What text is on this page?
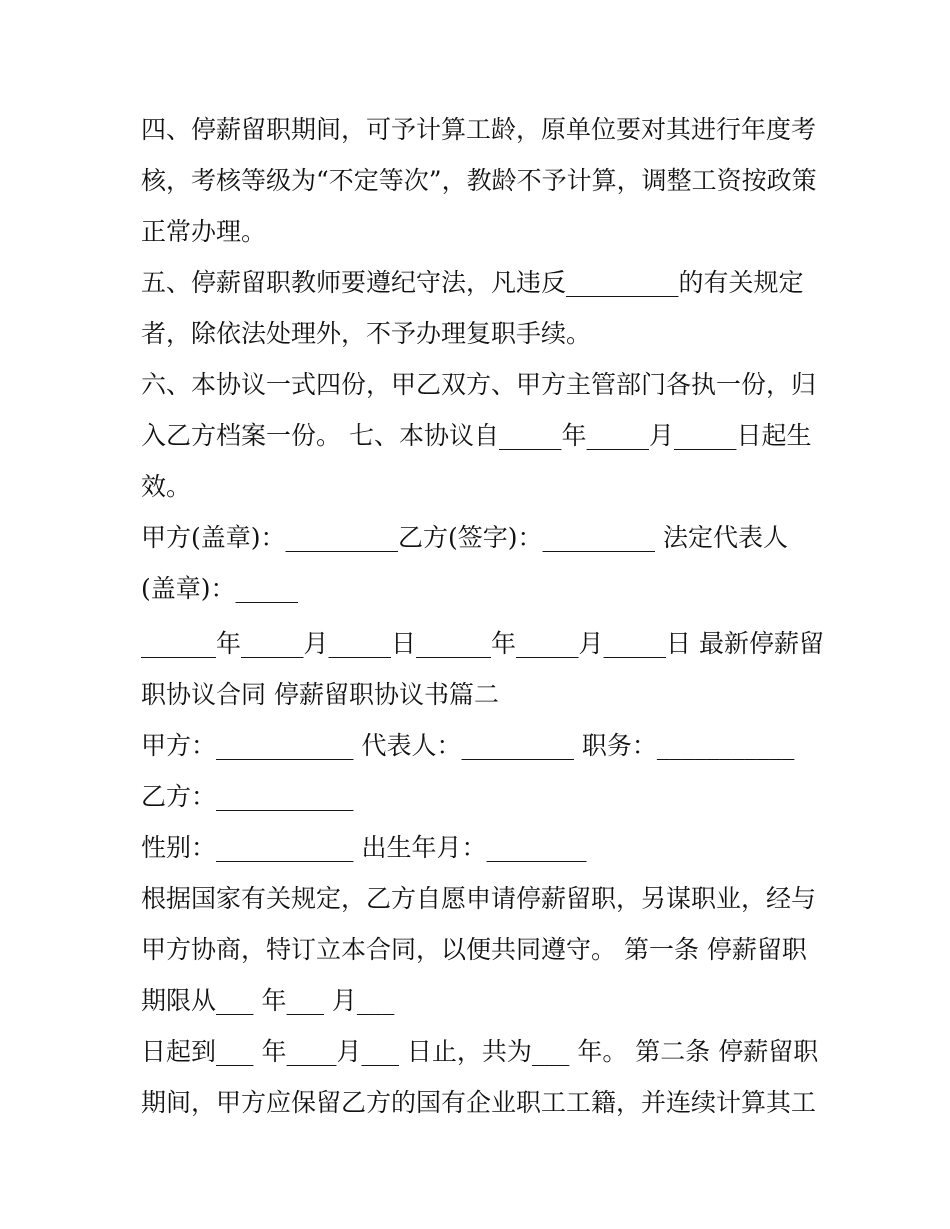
四、停薪留职期间，可予计算工龄，原单位要对其进行年度考
核，考核等级为“不定等次”，教龄不予计算，调整工资按政策
正常办理。
五、停薪留职教师要遵纪守法，凡违反_________的有关规定
者，除依法处理外，不予办理复职手续。
六、本协议一式四份，甲乙双方、甲方主管部门各执一份，归
入乙方档案一份。 七、本协议自_____年_____月_____日起生
效。
甲方(盖章)：_________乙方(签字)：_________ 法定代表人
(盖章)：_____
______年_____月_____日______年_____月_____日 最新停薪留
职协议合同 停薪留职协议书篇二
甲方：___________ 代表人：_________ 职务：___________
乙方：___________
性别：___________ 出生年月：________
根据国家有关规定，乙方自愿申请停薪留职，另谋职业，经与
甲方协商，特订立本合同，以便共同遵守。 第一条 停薪留职
期限从___ 年___ 月___
日起到___ 年____月___ 日止，共为___ 年。 第二条 停薪留职
期间，甲方应保留乙方的国有企业职工工籍，并连续计算其工
